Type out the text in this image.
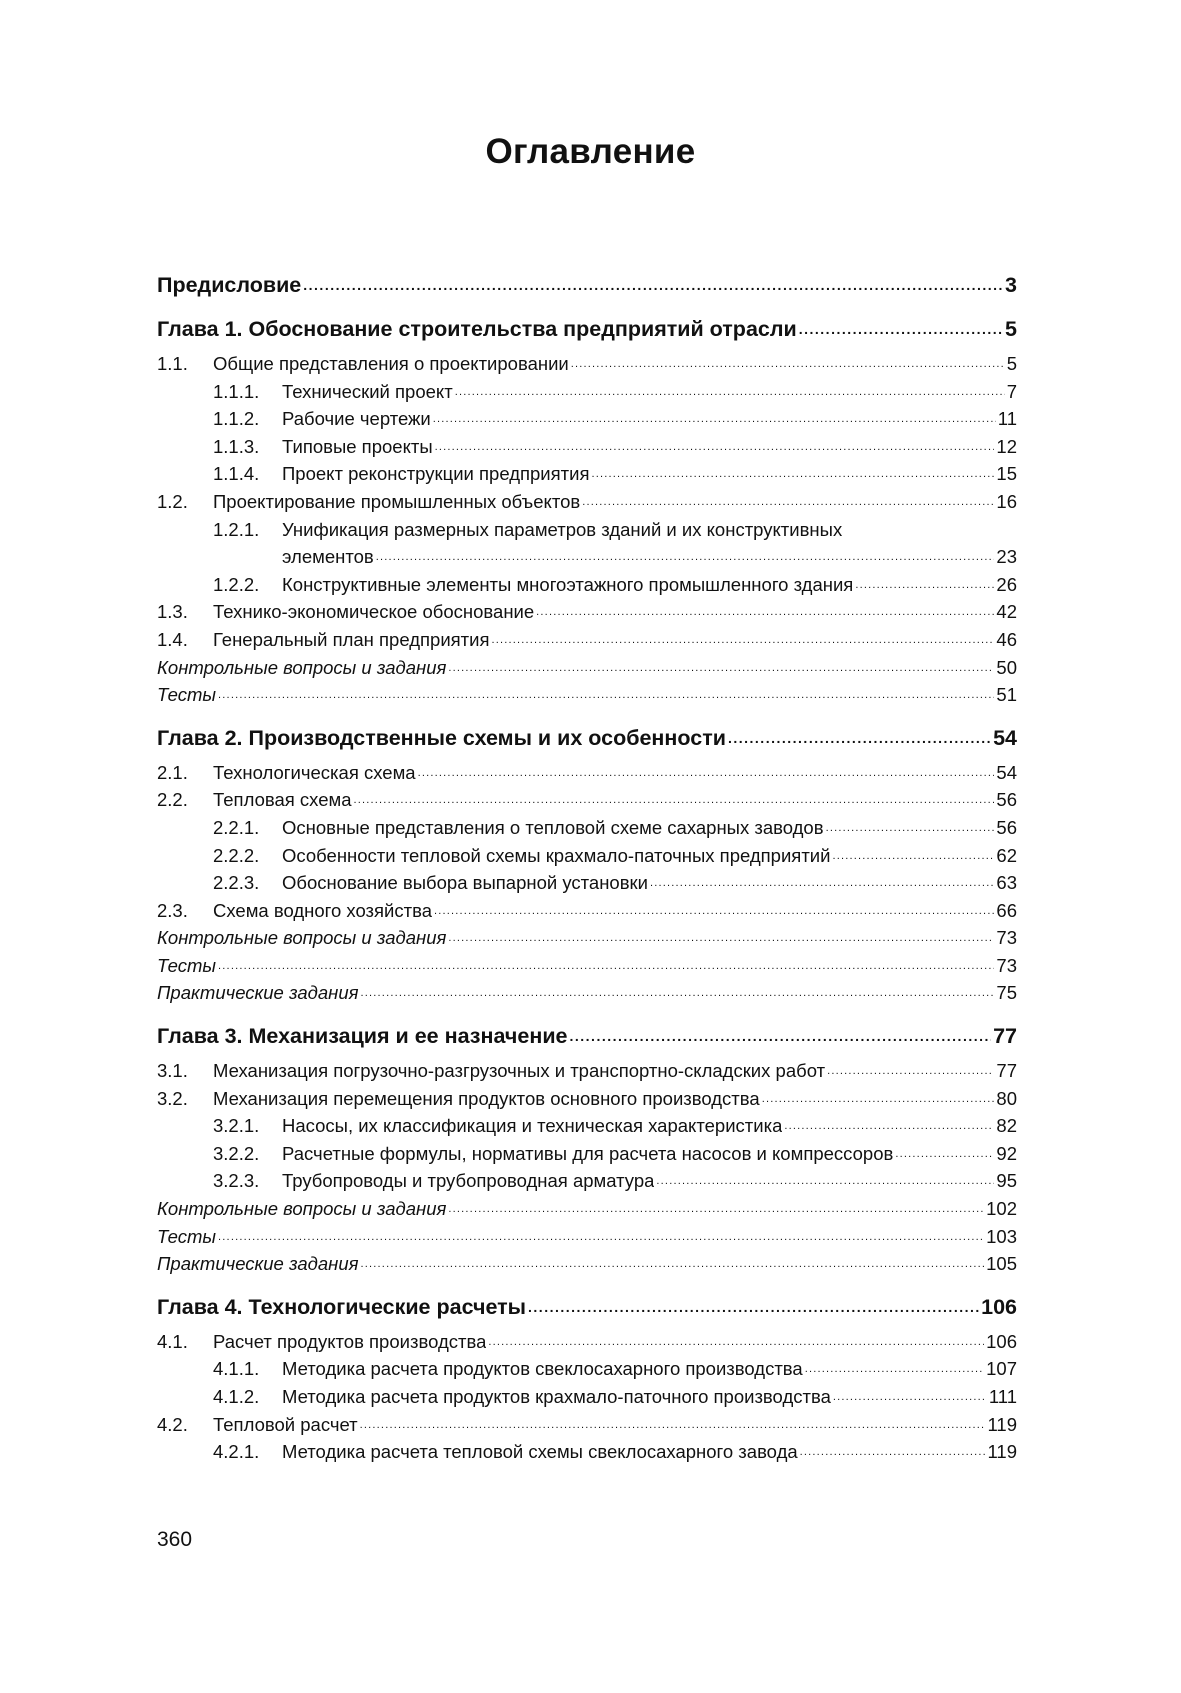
Оглавление
Предисловие .....	3
Глава 1. Обоснование строительства предприятий отрасли .....	5
1.1.	Общие представления о проектировании .....	5
1.1.1.	Технический проект .....	7
1.1.2.	Рабочие чертежи .....	11
1.1.3.	Типовые проекты .....	12
1.1.4.	Проект реконструкции предприятия .....	15
1.2.	Проектирование промышленных объектов .....	16
1.2.1.	Унификация размерных параметров зданий и их конструктивных
элементов .....	23
1.2.2.	Конструктивные элементы многоэтажного промышленного здания .....	26
1.3.	Технико-экономическое обоснование .....	42
1.4.	Генеральный план предприятия .....	46
Контрольные вопросы и задания .....	50
Тесты .....	51
Глава 2. Производственные схемы и их особенности .....	54
2.1.	Технологическая схема .....	54
2.2.	Тепловая схема .....	56
2.2.1.	Основные представления о тепловой схеме сахарных заводов .....	56
2.2.2.	Особенности тепловой схемы крахмало-паточных предприятий .....	62
2.2.3.	Обоснование выбора выпарной установки .....	63
2.3.	Схема водного хозяйства .....	66
Контрольные вопросы и задания .....	73
Тесты .....	73
Практические задания .....	75
Глава 3. Механизация и ее назначение .....	77
3.1.	Механизация погрузочно-разгрузочных и транспортно-складских работ .....	77
3.2.	Механизация перемещения продуктов основного производства .....	80
3.2.1.	Насосы, их классификация и техническая характеристика .....	82
3.2.2.	Расчетные формулы, нормативы для расчета насосов и компрессоров .....	92
3.2.3.	Трубопроводы и трубопроводная арматура .....	95
Контрольные вопросы и задания .....	102
Тесты .....	103
Практические задания .....	105
Глава 4. Технологические расчеты .....	106
4.1.	Расчет продуктов производства .....	106
4.1.1.	Методика расчета продуктов свеклосахарного производства .....	107
4.1.2.	Методика расчета продуктов крахмало-паточного производства .....	111
4.2.	Тепловой расчет .....	119
4.2.1.	Методика расчета тепловой схемы свеклосахарного завода .....	119
360
